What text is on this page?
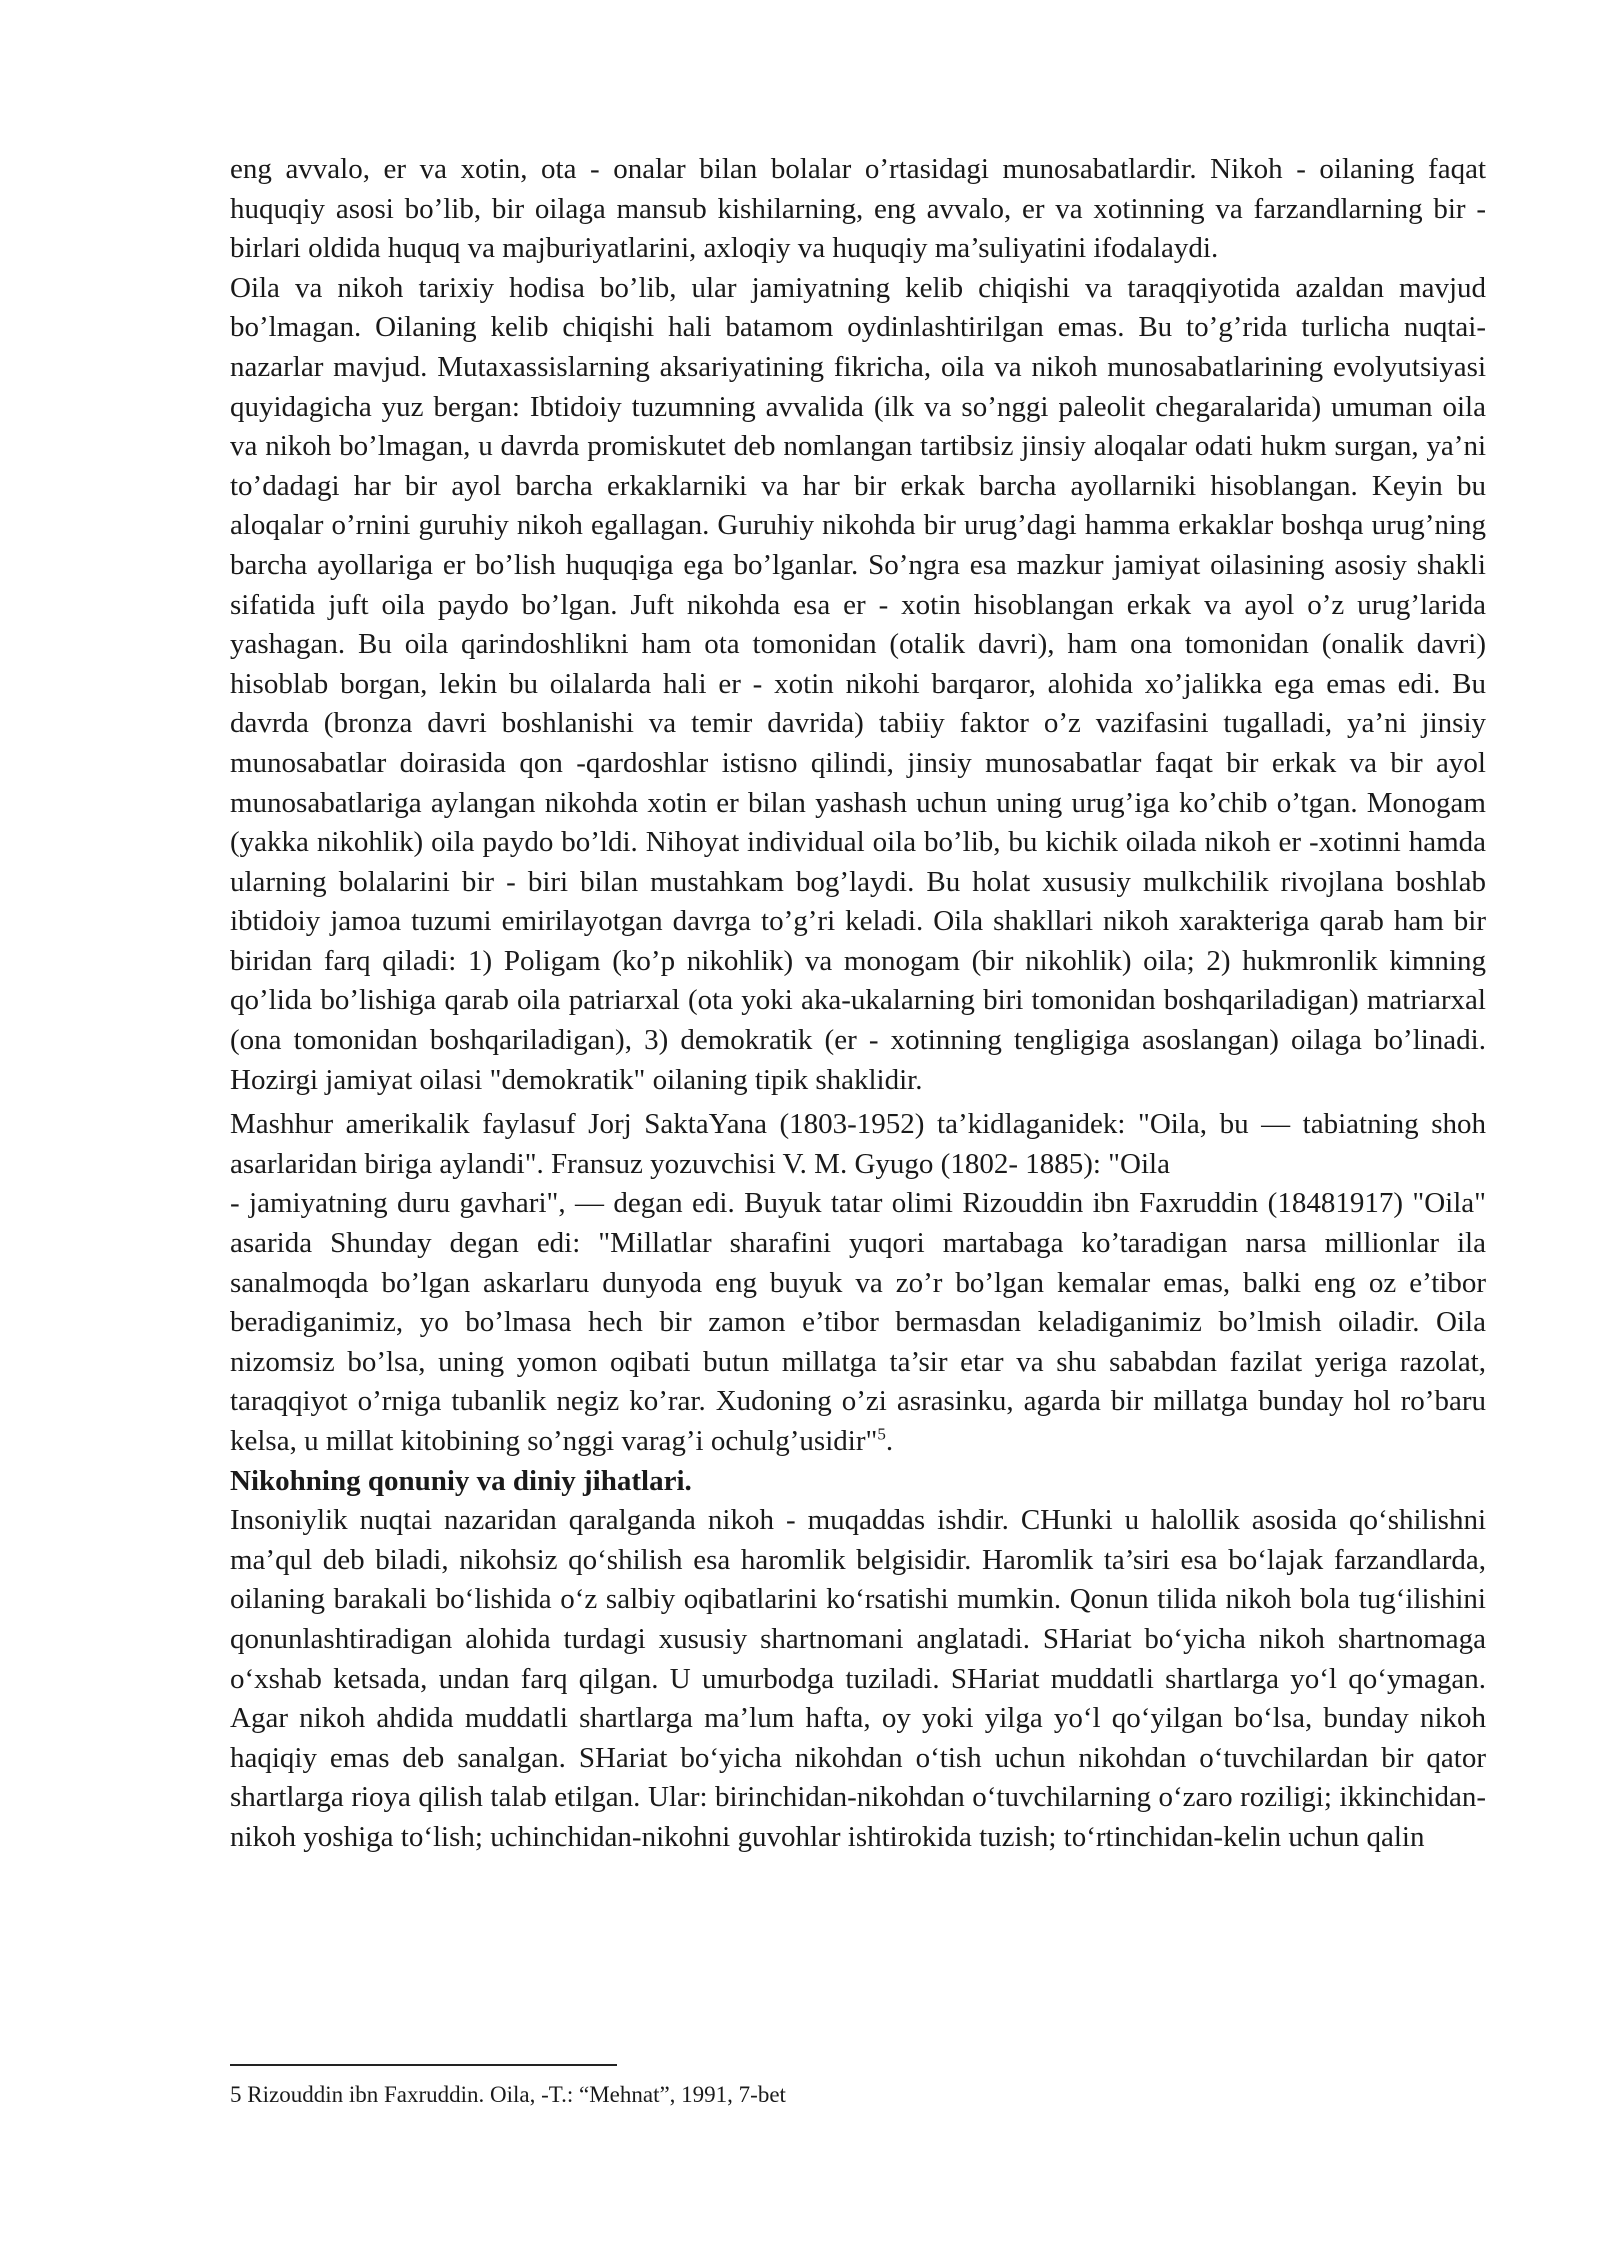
eng avvalo, er va xotin, ota - onalar bilan bolalar o’rtasidagi munosabatlardir. Nikoh - oilaning faqat huquqiy asosi bo’lib, bir oilaga mansub kishilarning, eng avvalo, er va xotinning va farzandlarning bir -birlari oldida huquq va majburiyatlarini, axloqiy va huquqiy ma’suliyatini ifodalaydi.

Oila va nikoh tarixiy hodisa bo’lib, ular jamiyatning kelib chiqishi va taraqqiyotida azaldan mavjud bo’lmagan. Oilaning kelib chiqishi hali batamom oydinlashtirilgan emas. Bu to’g’rida turlicha nuqtai-nazarlar mavjud. Mutaxassislarning aksariyatining fikricha, oila va nikoh munosabatlarining evolyutsiyasi quyidagicha yuz bergan: Ibtidoiy tuzumning avvalida (ilk va so’nggi paleolit chegaralarida) umuman oila va nikoh bo’lmagan, u davrda promiskutet deb nomlangan tartibsiz jinsiy aloqalar odati hukm surgan, ya’ni to’dadagi har bir ayol barcha erkaklarniki va har bir erkak barcha ayollarniki hisoblangan. Keyin bu aloqalar o’rnini guruhiy nikoh egallagan. Guruhiy nikohda bir urug’dagi hamma erkaklar boshqa urug’ning barcha ayollariga er bo’lish huquqiga ega bo’lganlar. So’ngra esa mazkur jamiyat oilasining asosiy shakli sifatida juft oila paydo bo’lgan. Juft nikohda esa er - xotin hisoblangan erkak va ayol o’z urug’larida yashagan. Bu oila qarindoshlikni ham ota tomonidan (otalik davri), ham ona tomonidan (onalik davri) hisoblab borgan, lekin bu oilalarda hali er - xotin nikohi barqaror, alohida xo’jalikka ega emas edi. Bu davrda (bronza davri boshlanishi va temir davrida) tabiiy faktor o’z vazifasini tugalladi, ya’ni jinsiy munosabatlar doirasida qon -qardoshlar istisno qilindi, jinsiy munosabatlar faqat bir erkak va bir ayol munosabatlariga aylangan nikohda xotin er bilan yashash uchun uning urug’iga ko’chib o’tgan. Monogam (yakka nikohlik) oila paydo bo’ldi. Nihoyat individual oila bo’lib, bu kichik oilada nikoh er -xotinni hamda ularning bolalarini bir - biri bilan mustahkam bog’laydi. Bu holat xususiy mulkchilik rivojlana boshlab ibtidoiy jamoa tuzumi emirilayotgan davrga to’g’ri keladi. Oila shakllari nikoh xarakteriga qarab ham bir biridan farq qiladi: 1) Poligam (ko’p nikohlik) va monogam (bir nikohlik) oila; 2) hukmronlik kimning qo’lida bo’lishiga qarab oila patriarxal (ota yoki aka-ukalarning biri tomonidan boshqariladigan) matriarxal (ona tomonidan boshqariladigan), 3) demokratik (er - xotinning tengligiga asoslangan) oilaga bo’linadi. Hozirgi jamiyat oilasi "demokratik" oilaning tipik shaklidir.

Mashhur amerikalik faylasuf Jorj SaktaYana (1803-1952) ta’kidlaganidek: "Oila, bu — tabiatning shoh asarlaridan biriga aylandi". Fransuz yozuvchisi V. M. Gyugo (1802- 1885): "Oila
- jamiyatning duru gavhari", — degan edi. Buyuk tatar olimi Rizouddin ibn Faxruddin (18481917) "Oila" asarida Shunday degan edi: "Millatlar sharafini yuqori martabaga ko’taradigan narsa millionlar ila sanalmoqda bo’lgan askarlaru dunyoda eng buyuk va zo’r bo’lgan kemalar emas, balki eng oz e’tibor beradiganimiz, yo bo’lmasa hech bir zamon e’tibor bermasdan keladiganimiz bo’lmish oiladir. Oila nizomsiz bo’lsa, uning yomon oqibati butun millatga ta’sir etar va shu sababdan fazilat yeriga razolat, taraqqiyot o’rniga tubanlik negiz ko’rar. Xudoning o’zi asrasinku, agarda bir millatga bunday hol ro’baru kelsa, u millat kitobining so’nggi varag’i ochulg’usidir"$^5$.

Nikohning qonuniy va diniy jihatlari.

Insoniylik nuqtai nazaridan qaralganda nikoh - muqaddas ishdir. CHunki u halollik asosida qo‘shilishni ma’qul deb biladi, nikohsiz qo‘shilish esa haromlik belgisidir. Haromlik ta’siri esa bo‘lajak farzandlarda, oilaning barakali bo‘lishida o‘z salbiy oqibatlarini ko‘rsatishi mumkin. Qonun tilida nikoh bola tug‘ilishini qonunlashtiradigan alohida turdagi xususiy shartnomani anglatadi. SHariat bo‘yicha nikoh shartnomaga o‘xshab ketsada, undan farq qilgan. U umurbodga tuziladi. SHariat muddatli shartlarga yo‘l qo‘ymagan. Agar nikoh ahdida muddatli shartlarga ma’lum hafta, oy yoki yilga yo‘l qo‘yilgan bo‘lsa, bunday nikoh haqiqiy emas deb sanalgan. SHariat bo‘yicha nikohdan o‘tish uchun nikohdan o‘tuvchilardan bir qator shartlarga rioya qilish talab etilgan. Ular: birinchidan-nikohdan o‘tuvchilarning o‘zaro roziligi; ikkinchidan-nikoh yoshiga to‘lish; uchinchidan-nikohni guvohlar ishtirokida tuzish; to‘rtinchidan-kelin uchun qalin

5 Rizouddin ibn Faxruddin. Oila, -T.: “Mehnat”, 1991, 7-bet
